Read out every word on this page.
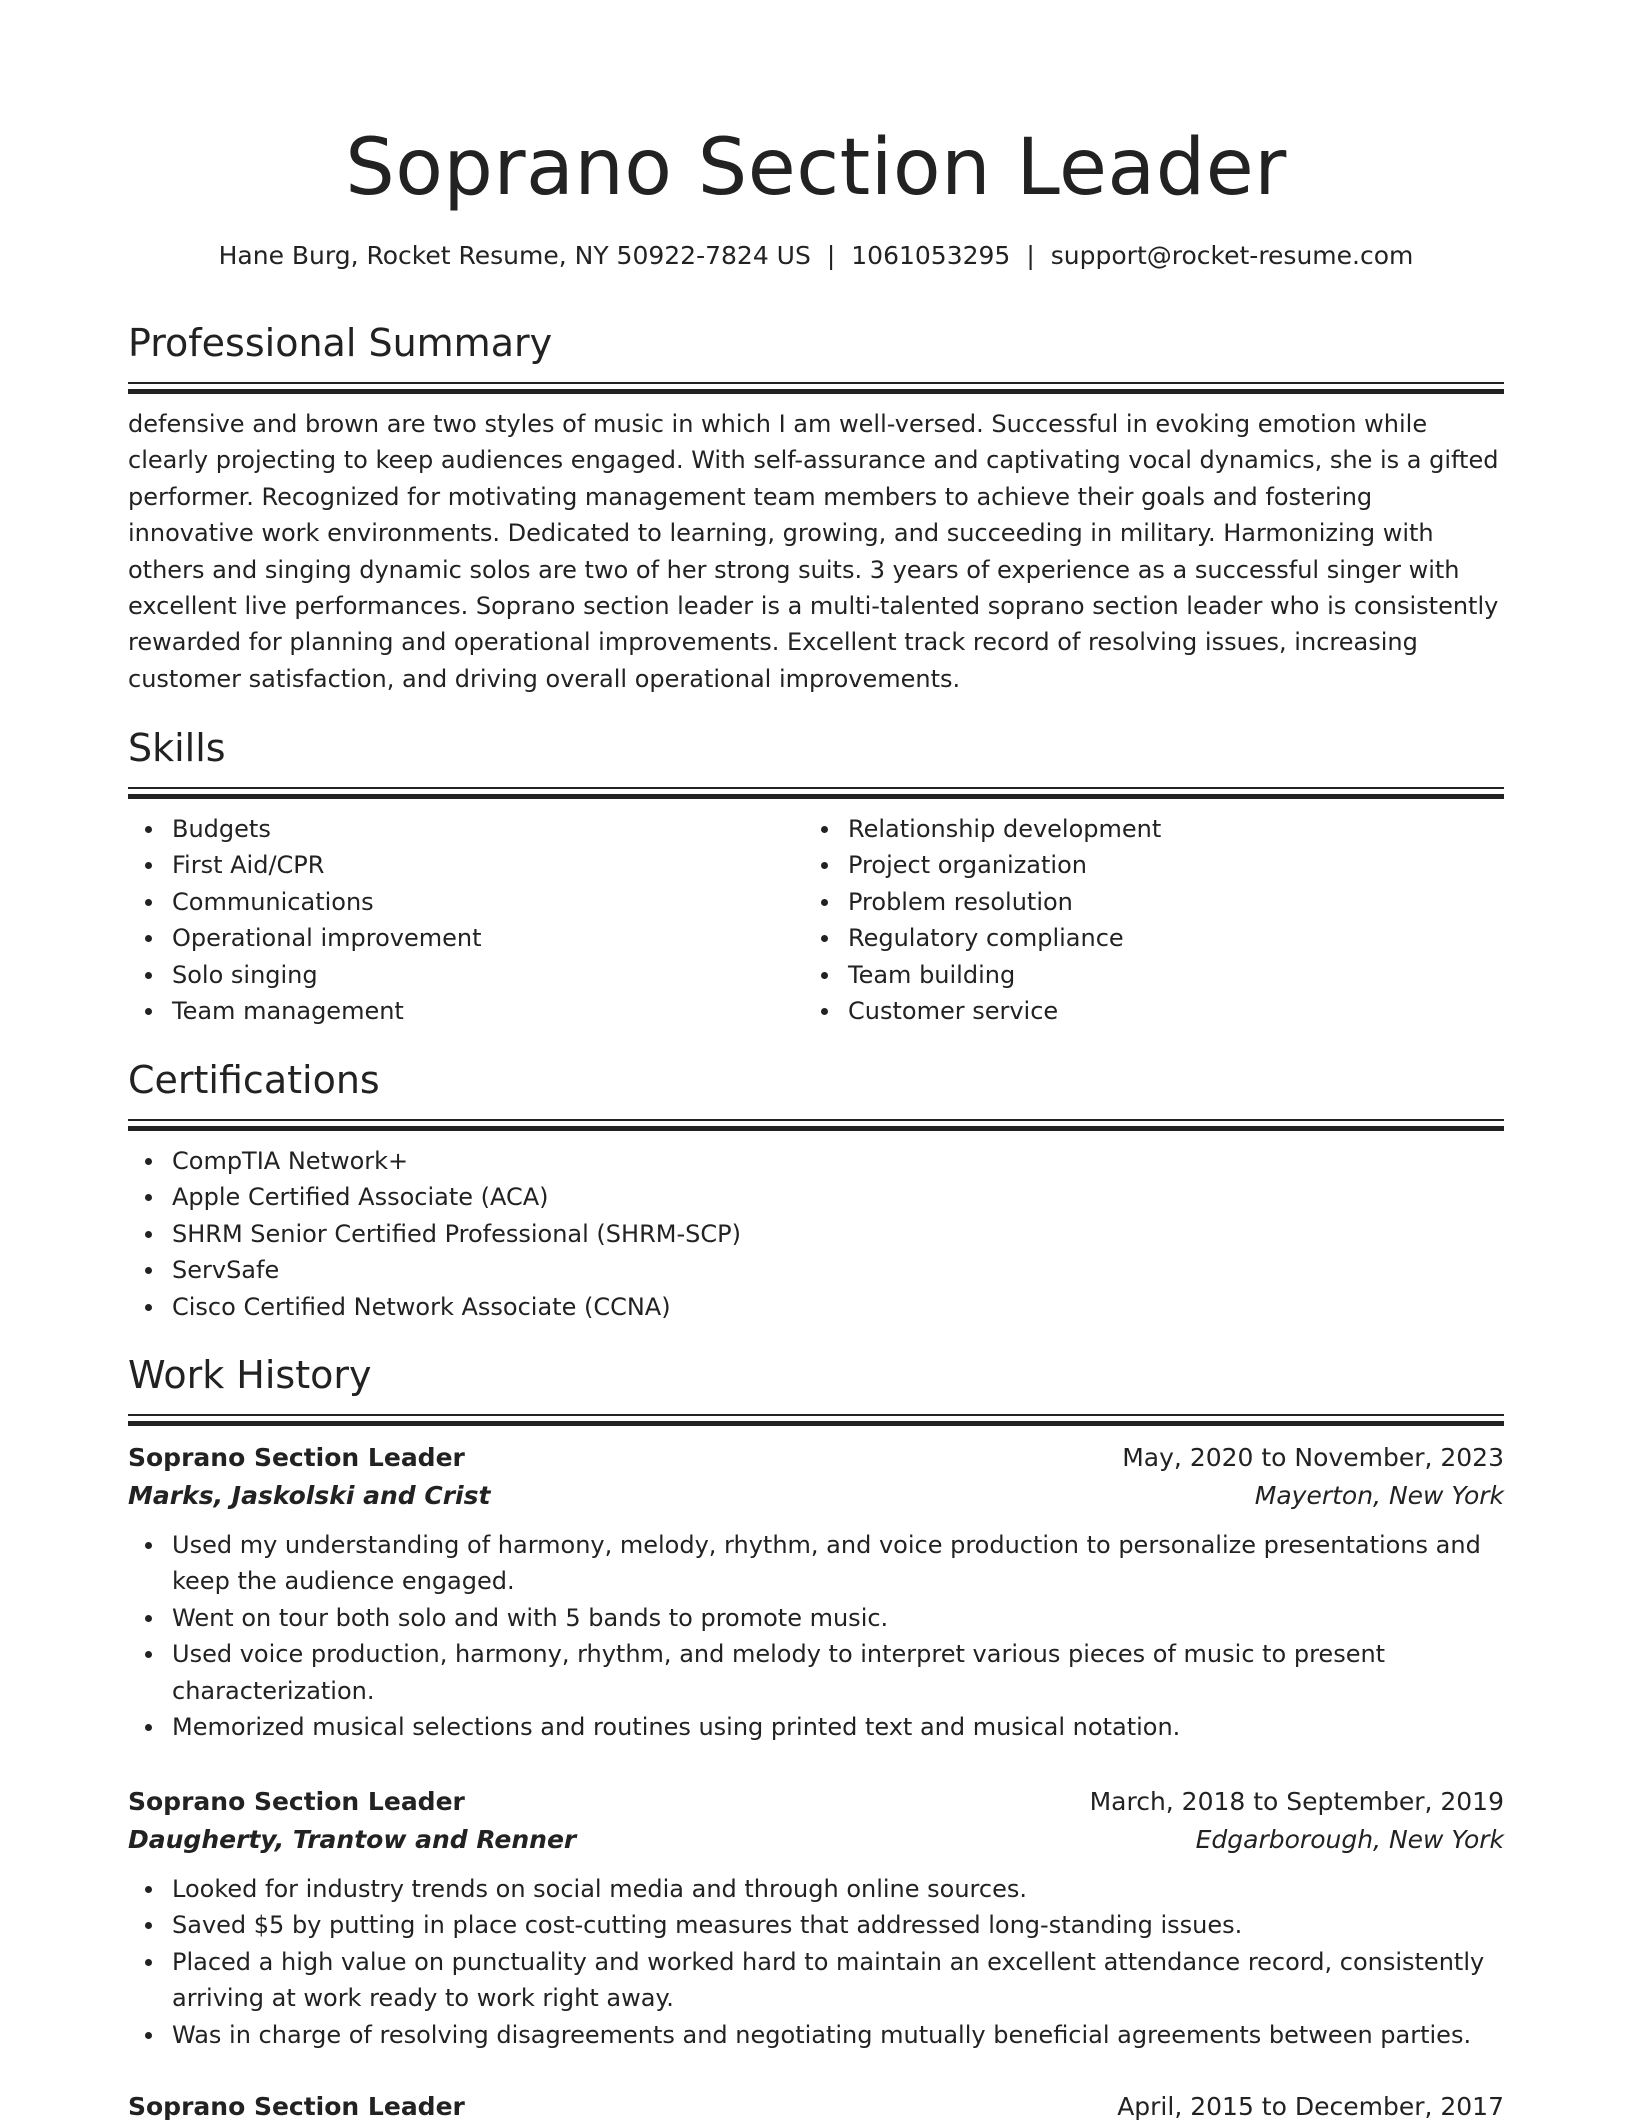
Soprano Section Leader
Hane Burg, Rocket Resume, NY 50922-7824 US | 1061053295 | support@rocket-resume.com
Professional Summary

defensive and brown are two styles of music in which I am well-versed. Successful in evoking emotion while clearly projecting to keep audiences engaged. With self-assurance and captivating vocal dynamics, she is a gifted performer. Recognized for motivating management team members to achieve their goals and fostering innovative work environments. Dedicated to learning, growing, and succeeding in military. Harmonizing with others and singing dynamic solos are two of her strong suits. 3 years of experience as a successful singer with excellent live performances. Soprano section leader is a multi-talented soprano section leader who is consistently rewarded for planning and operational improvements. Excellent track record of resolving issues, increasing customer satisfaction, and driving overall operational improvements.

Skills
Budgets
First Aid/CPR
Communications
Operational improvement
Solo singing
Team management
Relationship development
Project organization
Problem resolution
Regulatory compliance
Team building
Customer service
Certifications
CompTIA Network+
Apple Certified Associate (ACA)
SHRM Senior Certified Professional (SHRM-SCP)
ServSafe
Cisco Certified Network Associate (CCNA)
Work History
Soprano Section Leader	May, 2020 to November, 2023
Marks, Jaskolski and Crist	Mayerton, New York
Used my understanding of harmony, melody, rhythm, and voice production to personalize presentations and keep the audience engaged.
Went on tour both solo and with 5 bands to promote music.
Used voice production, harmony, rhythm, and melody to interpret various pieces of music to present characterization.
Memorized musical selections and routines using printed text and musical notation.
Soprano Section Leader	March, 2018 to September, 2019
Daugherty, Trantow and Renner	Edgarborough, New York
Looked for industry trends on social media and through online sources.
Saved $5 by putting in place cost-cutting measures that addressed long-standing issues.
Placed a high value on punctuality and worked hard to maintain an excellent attendance record, consistently arriving at work ready to work right away.
Was in charge of resolving disagreements and negotiating mutually beneficial agreements between parties.
Soprano Section Leader	April, 2015 to December, 2017
